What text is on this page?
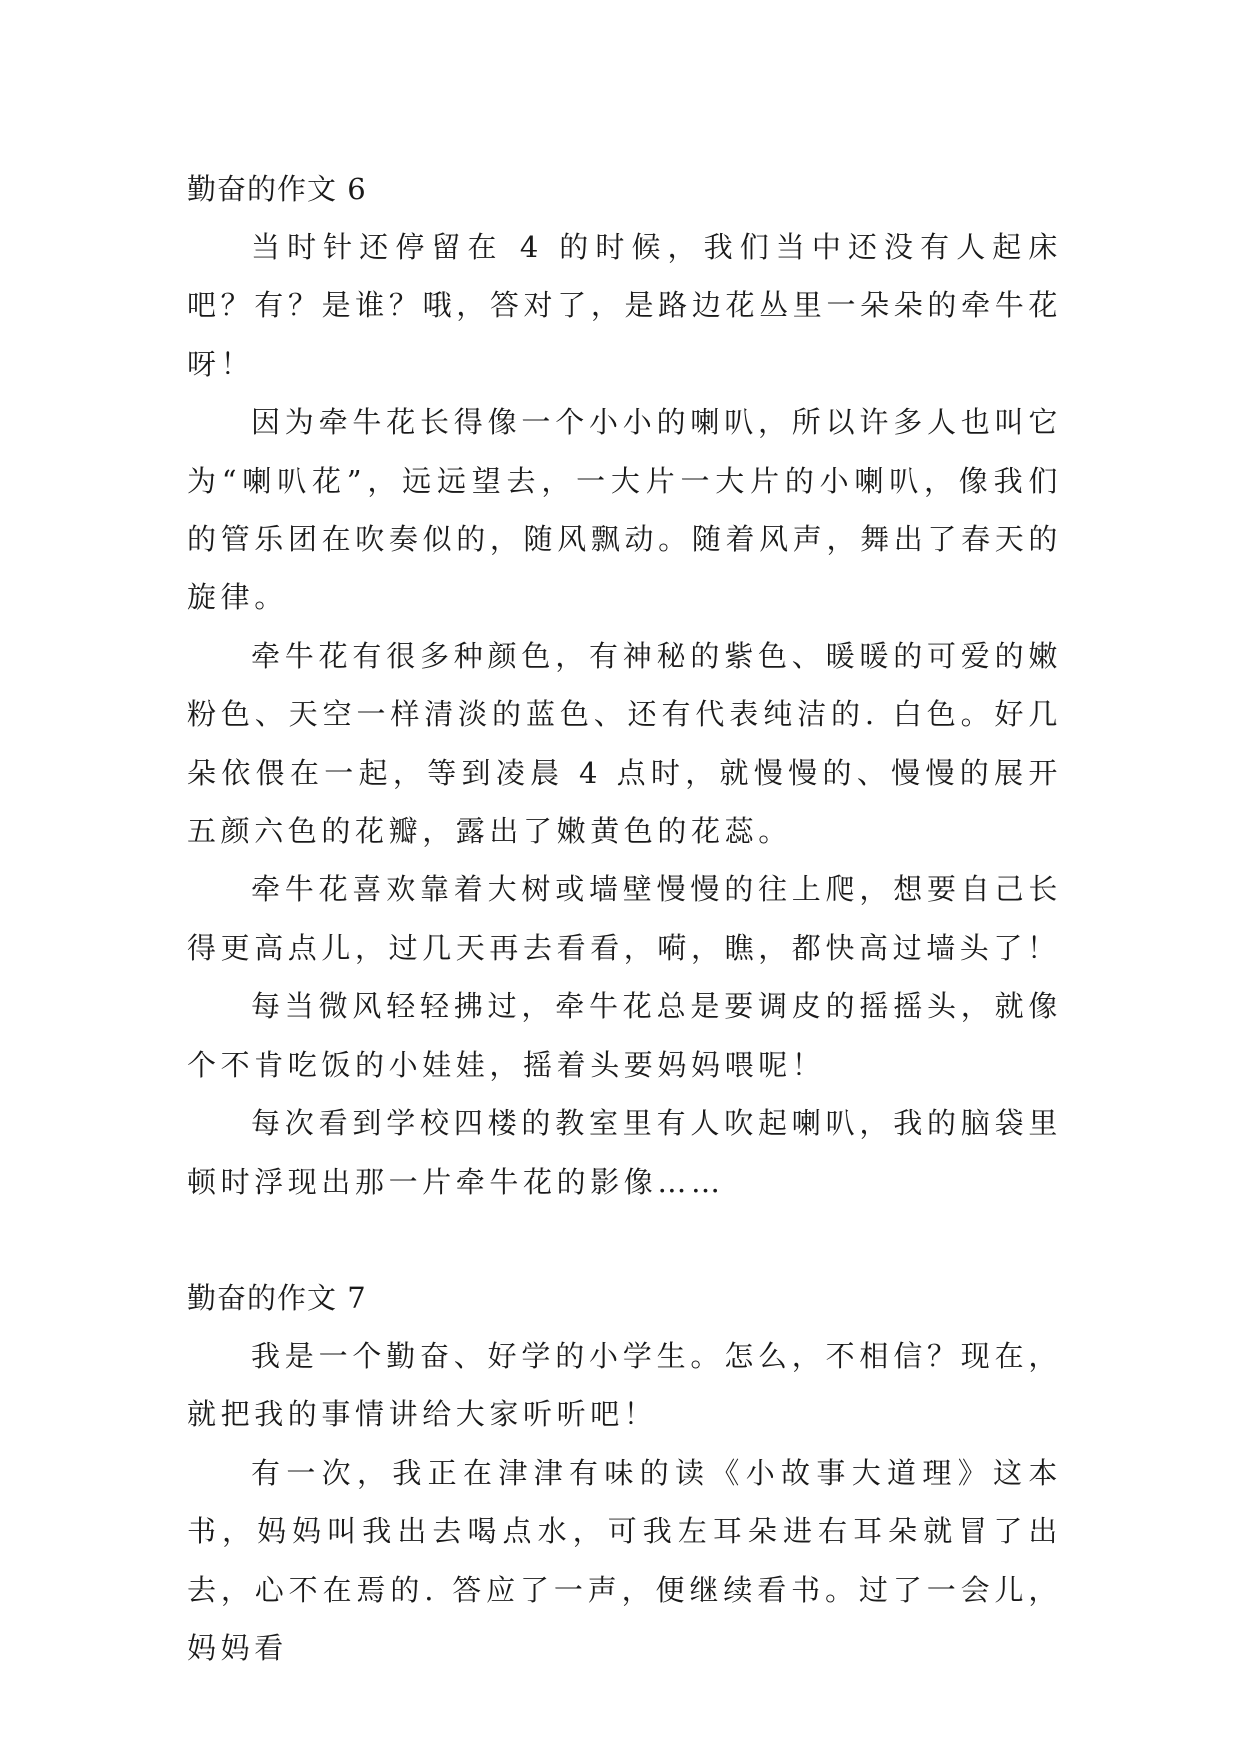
勤奋的作文 6

当时针还停留在 4 的时候，我们当中还没有人起床吧？有？是谁？哦，答对了，是路边花丛里一朵朵的牵牛花呀！

因为牵牛花长得像一个小小的喇叭，所以许多人也叫它为“喇叭花”，远远望去，一大片一大片的小喇叭，像我们的管乐团在吹奏似的，随风飘动。随着风声，舞出了春天的旋律。

牵牛花有很多种颜色，有神秘的紫色、暖暖的可爱的嫩粉色、天空一样清淡的蓝色、还有代表纯洁的. 白色。好几朵依偎在一起，等到凌晨 4 点时，就慢慢的、慢慢的展开五颜六色的花瓣，露出了嫩黄色的花蕊。

牵牛花喜欢靠着大树或墙壁慢慢的往上爬，想要自己长得更高点儿，过几天再去看看，嗬，瞧，都快高过墙头了！

每当微风轻轻拂过，牵牛花总是要调皮的摇摇头，就像个不肯吃饭的小娃娃，摇着头要妈妈喂呢！

每次看到学校四楼的教室里有人吹起喇叭，我的脑袋里顿时浮现出那一片牵牛花的影像……

勤奋的作文 7

我是一个勤奋、好学的小学生。怎么，不相信？现在，就把我的事情讲给大家听听吧！

有一次，我正在津津有味的读《小故事大道理》这本书，妈妈叫我出去喝点水，可我左耳朵进右耳朵就冒了出去，心不在焉的. 答应了一声，便继续看书。过了一会儿，妈妈看
